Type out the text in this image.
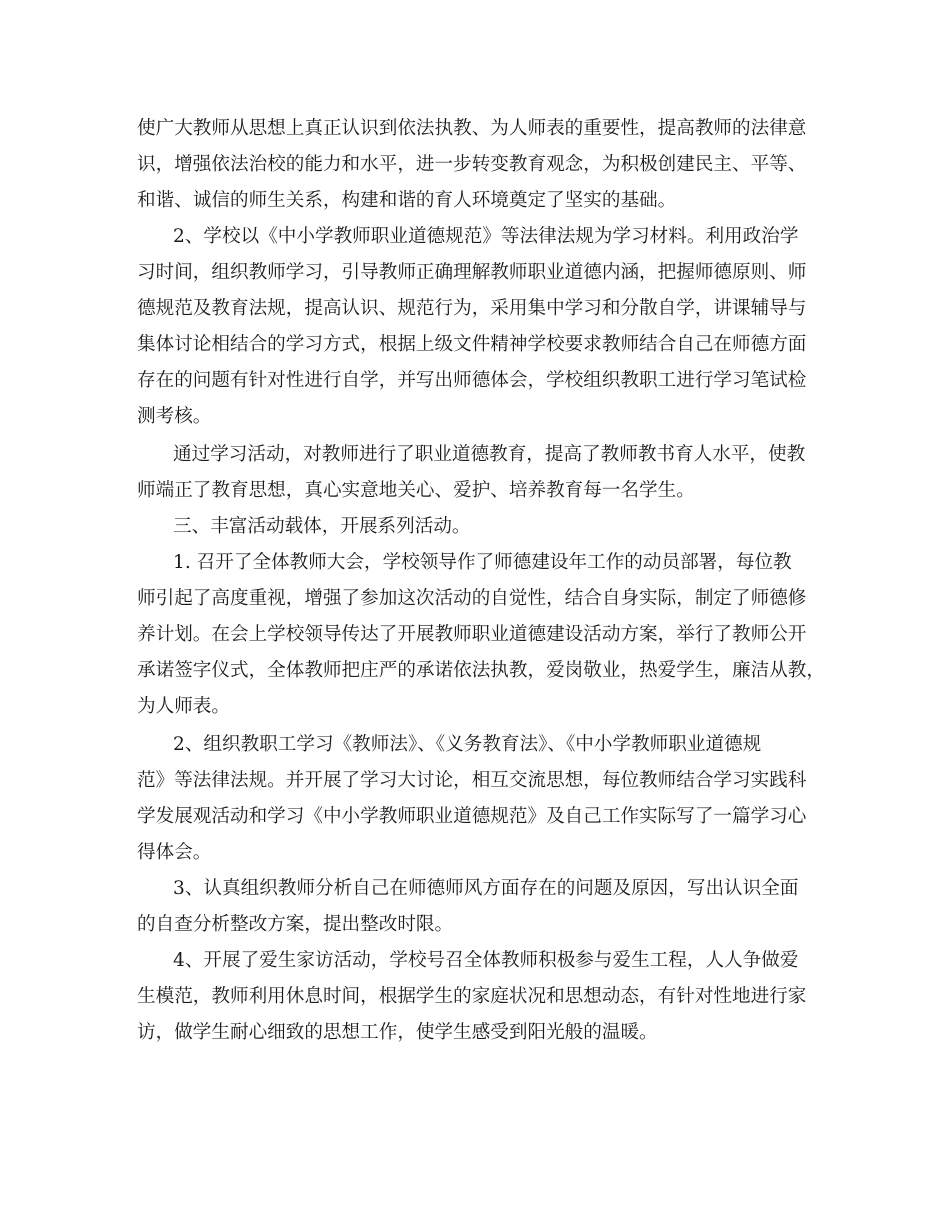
使广大教师从思想上真正认识到依法执教、为人师表的重要性，提高教师的法律意

识，增强依法治校的能力和水平，进一步转变教育观念，为积极创建民主、平等、

和谐、诚信的师生关系，构建和谐的育人环境奠定了坚实的基础。

2、学校以《中小学教师职业道德规范》等法律法规为学习材料。利用政治学

习时间，组织教师学习，引导教师正确理解教师职业道德内涵，把握师德原则、师

德规范及教育法规，提高认识、规范行为，采用集中学习和分散自学，讲课辅导与

集体讨论相结合的学习方式，根据上级文件精神学校要求教师结合自己在师德方面

存在的问题有针对性进行自学，并写出师德体会，学校组织教职工进行学习笔试检

测考核。

通过学习活动，对教师进行了职业道德教育，提高了教师教书育人水平，使教

师端正了教育思想，真心实意地关心、爱护、培养教育每一名学生。

三、丰富活动载体，开展系列活动。

1. 召开了全体教师大会，学校领导作了师德建设年工作的动员部署，每位教

师引起了高度重视，增强了参加这次活动的自觉性，结合自身实际，制定了师德修

养计划。在会上学校领导传达了开展教师职业道德建设活动方案，举行了教师公开

承诺签字仪式，全体教师把庄严的承诺依法执教，爱岗敬业，热爱学生，廉洁从教，

为人师表。

2、组织教职工学习《教师法》、《义务教育法》、《中小学教师职业道德规

范》等法律法规。并开展了学习大讨论，相互交流思想，每位教师结合学习实践科

学发展观活动和学习《中小学教师职业道德规范》及自己工作实际写了一篇学习心

得体会。

3、认真组织教师分析自己在师德师风方面存在的问题及原因，写出认识全面

的自查分析整改方案，提出整改时限。

4、开展了爱生家访活动，学校号召全体教师积极参与爱生工程，人人争做爱

生模范，教师利用休息时间，根据学生的家庭状况和思想动态，有针对性地进行家

访，做学生耐心细致的思想工作，使学生感受到阳光般的温暖。
